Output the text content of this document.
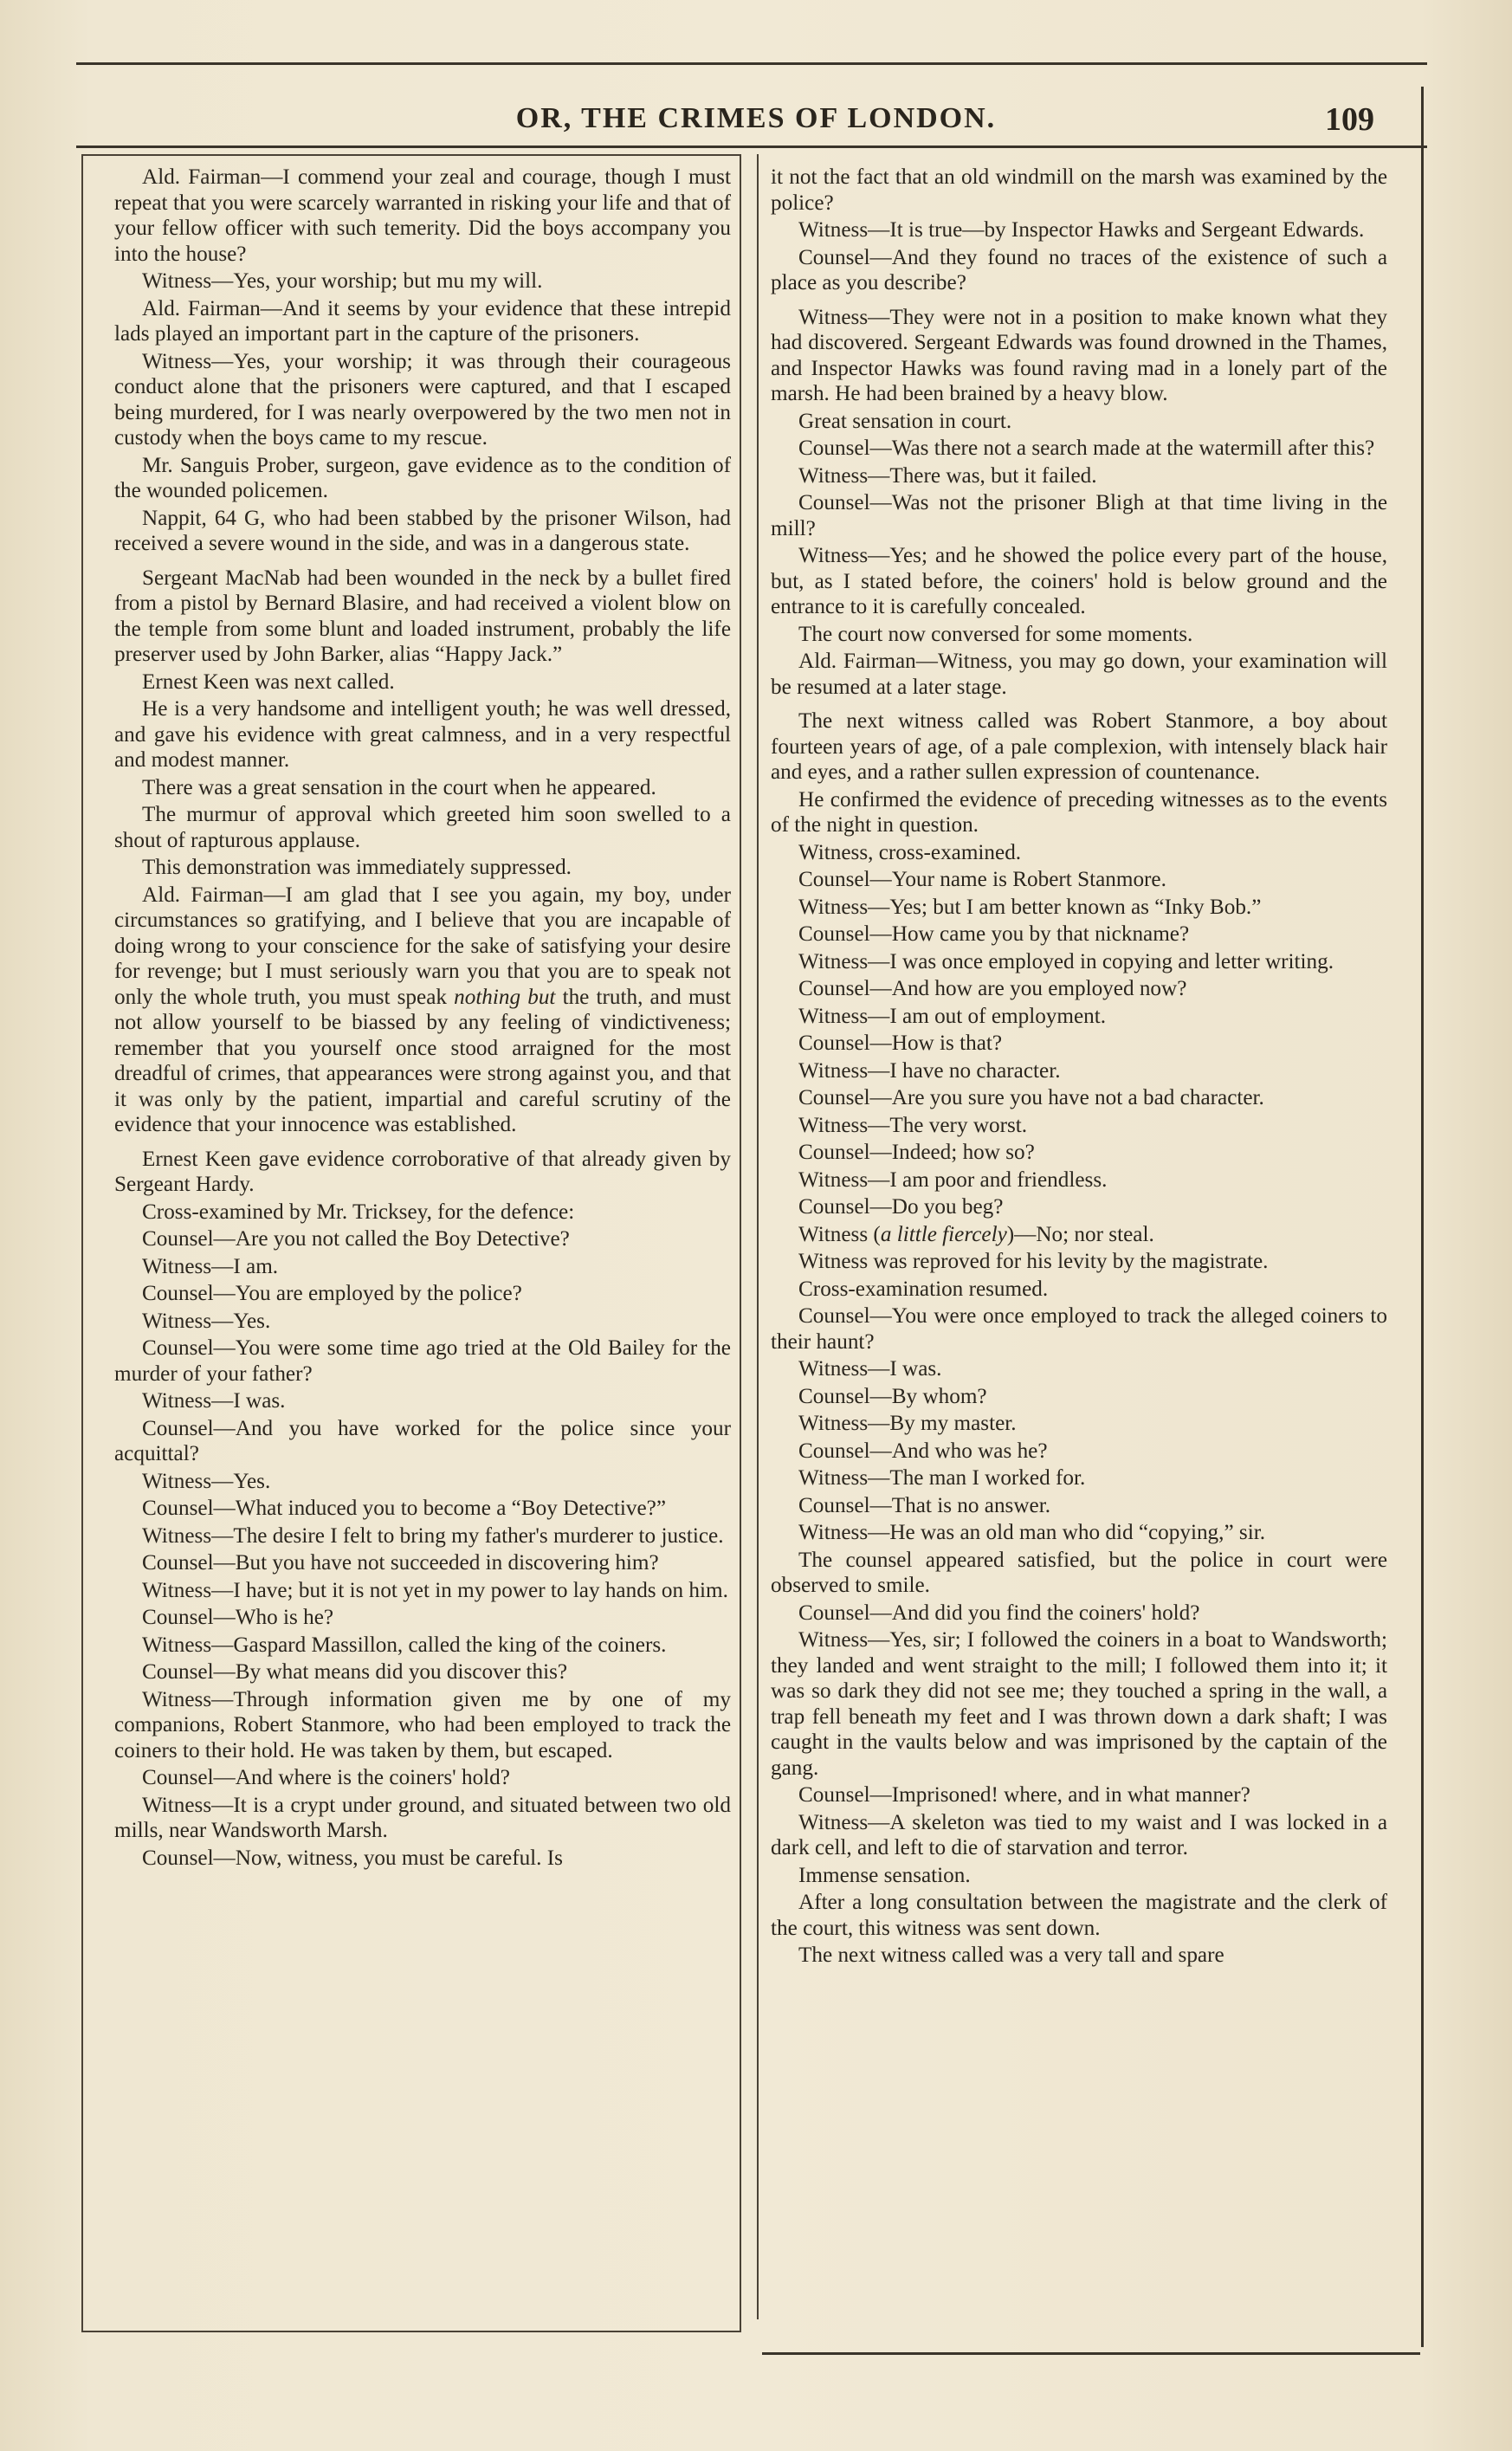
OR, THE CRIMES OF LONDON.	109

Ald. Fairman—I commend your zeal and courage, though I must repeat that you were scarcely warranted in risking your life and that of your fellow officer with such temerity. Did the boys accompany you into the house?

Witness—Yes, your worship; but mu my will.

Ald. Fairman—And it seems by your evidence that these intrepid lads played an important part in the capture of the prisoners.

Witness—Yes, your worship; it was through their courageous conduct alone that the prisoners were captured, and that I escaped being murdered, for I was nearly overpowered by the two men not in custody when the boys came to my rescue.

Mr. Sanguis Prober, surgeon, gave evidence as to the condition of the wounded policemen.

Nappit, 64 G, who had been stabbed by the prisoner Wilson, had received a severe wound in the side, and was in a dangerous state.

Sergeant MacNab had been wounded in the neck by a bullet fired from a pistol by Bernard Blasire, and had received a violent blow on the temple from some blunt and loaded instrument, probably the life preserver used by John Barker, alias “Happy Jack.”

Ernest Keen was next called.

He is a very handsome and intelligent youth; he was well dressed, and gave his evidence with great calmness, and in a very respectful and modest manner.

There was a great sensation in the court when he appeared.

The murmur of approval which greeted him soon swelled to a shout of rapturous applause.

This demonstration was immediately suppressed.

Ald. Fairman—I am glad that I see you again, my boy, under circumstances so gratifying, and I believe that you are incapable of doing wrong to your conscience for the sake of satisfying your desire for revenge; but I must seriously warn you that you are to speak not only the whole truth, you must speak nothing but the truth, and must not allow yourself to be biassed by any feeling of vindictiveness; remember that you yourself once stood arraigned for the most dreadful of crimes, that appearances were strong against you, and that it was only by the patient, impartial and careful scrutiny of the evidence that your innocence was established.

Ernest Keen gave evidence corroborative of that already given by Sergeant Hardy.

Cross-examined by Mr. Tricksey, for the defence:

Counsel—Are you not called the Boy Detective?

Witness—I am.

Counsel—You are employed by the police?

Witness—Yes.

Counsel—You were some time ago tried at the Old Bailey for the murder of your father?

Witness—I was.

Counsel—And you have worked for the police since your acquittal?

Witness—Yes.

Counsel—What induced you to become a “Boy Detective?”

Witness—The desire I felt to bring my father's murderer to justice.

Counsel—But you have not succeeded in discovering him?

Witness—I have; but it is not yet in my power to lay hands on him.

Counsel—Who is he?

Witness—Gaspard Massillon, called the king of the coiners.

Counsel—By what means did you discover this?

Witness—Through information given me by one of my companions, Robert Stanmore, who had been employed to track the coiners to their hold. He was taken by them, but escaped.

Counsel—And where is the coiners' hold?

Witness—It is a crypt under ground, and situated between two old mills, near Wandsworth Marsh.

Counsel—Now, witness, you must be careful. Is

it not the fact that an old windmill on the marsh was examined by the police?

Witness—It is true—by Inspector Hawks and Sergeant Edwards.

Counsel—And they found no traces of the existence of such a place as you describe?

Witness—They were not in a position to make known what they had discovered. Sergeant Edwards was found drowned in the Thames, and Inspector Hawks was found raving mad in a lonely part of the marsh. He had been brained by a heavy blow.

Great sensation in court.

Counsel—Was there not a search made at the watermill after this?

Witness—There was, but it failed.

Counsel—Was not the prisoner Bligh at that time living in the mill?

Witness—Yes; and he showed the police every part of the house, but, as I stated before, the coiners' hold is below ground and the entrance to it is carefully concealed.

The court now conversed for some moments.

Ald. Fairman—Witness, you may go down, your examination will be resumed at a later stage.

The next witness called was Robert Stanmore, a boy about fourteen years of age, of a pale complexion, with intensely black hair and eyes, and a rather sullen expression of countenance.

He confirmed the evidence of preceding witnesses as to the events of the night in question.

Witness, cross-examined.

Counsel—Your name is Robert Stanmore.

Witness—Yes; but I am better known as “Inky Bob.”

Counsel—How came you by that nickname?

Witness—I was once employed in copying and letter writing.

Counsel—And how are you employed now?

Witness—I am out of employment.

Counsel—How is that?

Witness—I have no character.

Counsel—Are you sure you have not a bad character.

Witness—The very worst.

Counsel—Indeed; how so?

Witness—I am poor and friendless.

Counsel—Do you beg?

Witness (a little fiercely)—No; nor steal.

Witness was reproved for his levity by the magistrate.

Cross-examination resumed.

Counsel—You were once employed to track the alleged coiners to their haunt?

Witness—I was.

Counsel—By whom?

Witness—By my master.

Counsel—And who was he?

Witness—The man I worked for.

Counsel—That is no answer.

Witness—He was an old man who did “copying,” sir.

The counsel appeared satisfied, but the police in court were observed to smile.

Counsel—And did you find the coiners' hold?

Witness—Yes, sir; I followed the coiners in a boat to Wandsworth; they landed and went straight to the mill; I followed them into it; it was so dark they did not see me; they touched a spring in the wall, a trap fell beneath my feet and I was thrown down a dark shaft; I was caught in the vaults below and was imprisoned by the captain of the gang.

Counsel—Imprisoned! where, and in what manner?

Witness—A skeleton was tied to my waist and I was locked in a dark cell, and left to die of starvation and terror.

Immense sensation.

After a long consultation between the magistrate and the clerk of the court, this witness was sent down.

The next witness called was a very tall and spare
